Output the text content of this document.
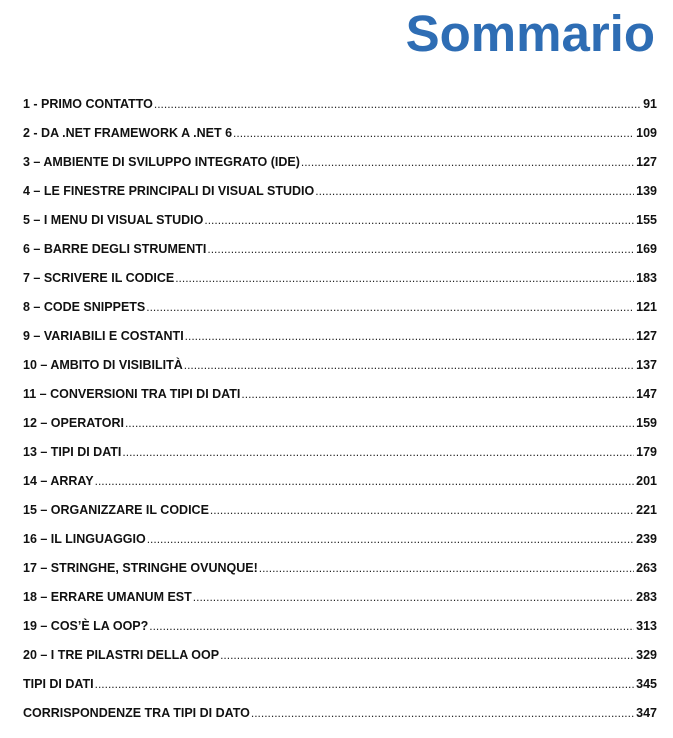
Sommario
1 - PRIMO CONTATTO .....	91
2 - DA .NET FRAMEWORK A .NET 6 .....	109
3 – AMBIENTE DI SVILUPPO INTEGRATO (IDE) .....	127
4 – LE FINESTRE PRINCIPALI DI VISUAL STUDIO .....	139
5 – I MENU DI VISUAL STUDIO .....	155
6 – BARRE DEGLI STRUMENTI .....	169
7 – SCRIVERE IL CODICE .....	183
8 – CODE SNIPPETS .....	121
9 – VARIABILI E COSTANTI .....	127
10 – AMBITO DI VISIBILITÀ .....	137
11 – CONVERSIONI TRA TIPI DI DATI .....	147
12 – OPERATORI .....	159
13 – TIPI DI DATI .....	179
14 – ARRAY .....	201
15 – ORGANIZZARE IL CODICE .....	221
16 – IL LINGUAGGIO .....	239
17 – STRINGHE, STRINGHE OVUNQUE! .....	263
18 – ERRARE UMANUM EST .....	283
19 – COS’È LA OOP? .....	313
20 – I TRE PILASTRI DELLA OOP .....	329
TIPI DI DATI .....	345
CORRISPONDENZE TRA TIPI DI DATO .....	347
